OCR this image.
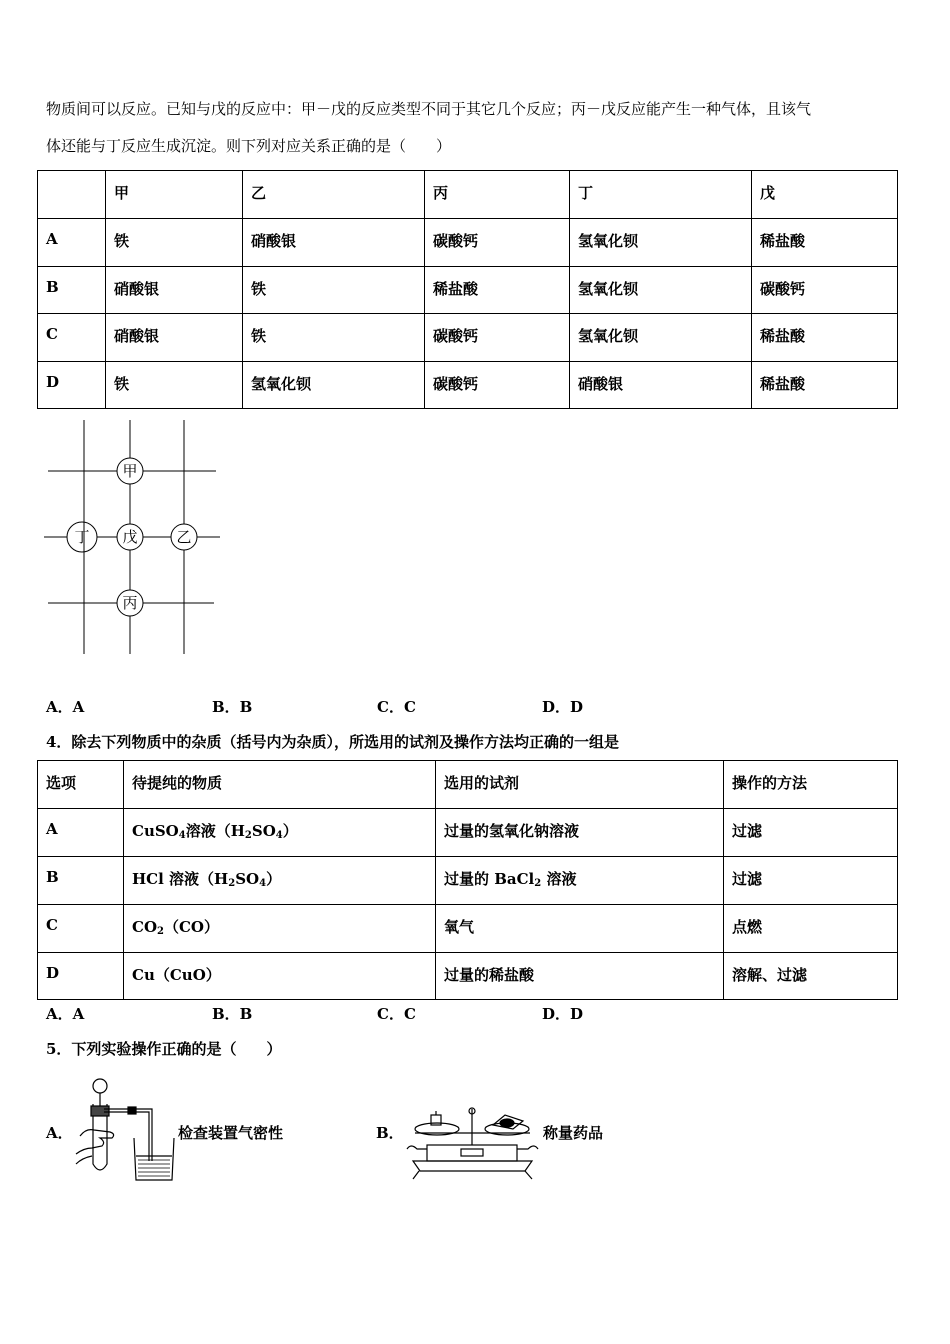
物质间可以反应。已知与戊的反应中：甲－戊的反应类型不同于其它几个反应；丙－戊反应能产生一种气体，且该气

体还能与丁反应生成沉淀。则下列对应关系正确的是（　　）

	甲	乙	丙	丁	戊
A	铁	硝酸银	碳酸钙	氢氧化钡	稀盐酸
B	硝酸银	铁	稀盐酸	氢氧化钡	碳酸钙
C	硝酸银	铁	碳酸钙	氢氧化钡	稀盐酸
D	铁	氢氧化钡	碳酸钙	硝酸银	稀盐酸
甲
丁 戊	乙
丙
A．A	B．B	C．C	D．D
4．除去下列物质中的杂质（括号内为杂质），所选用的试剂及操作方法均正确的一组是
选项	待提纯的物质	选用的试剂	操作的方法
A	CuSO$_4$溶液$(H_2SO_4)$	过量的氢氧化钠溶液	过滤
B	HCl 溶液$(H_2SO_4)$	过量的 BaCl$_2$ 溶液	过滤
C	$CO_2(CO)$	氧气	点燃
D	Cu（CuO）	过量的稀盐酸	溶解、过滤
A．A	B．B	C．C	D．D
5．下列实验操作正确的是（　　）
A．	检查装置气密性	B．	称量药品
